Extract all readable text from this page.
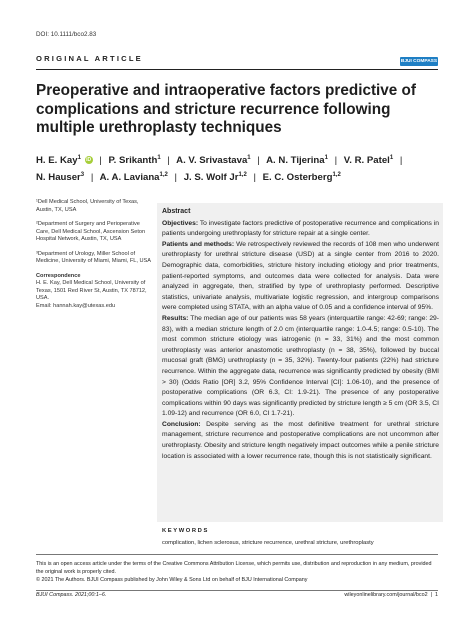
DOI: 10.1111/bco2.83
ORIGINAL ARTICLE	BJUI COMPASS
Preoperative and intraoperative factors predictive of complications and stricture recurrence following multiple urethroplasty techniques
H. E. Kay$^1$ iD | P. Srikanth$^1$ | A. V. Srivastava$^1$ | A. N. Tijerina$^1$ | V. R. Patel$^1$ |
N. Hauser$^3$ | A. A. Laviana$^{1,2}$ | J. S. Wolf Jr$^{1,2}$ | E. C. Osterberg$^{1,2}$

¹Dell Medical School, University of Texas, Austin, TX, USA

²Department of Surgery and Perioperative Care, Dell Medical School, Ascension Seton Hospital Network, Austin, TX, USA

³Department of Urology, Miller School of Medicine, University of Miami, Miami, FL, USA

Correspondence

H. E. Kay, Dell Medical School, University of Texas, 1501 Red River St, Austin, TX 78712, USA.

Email: hannah.kay@utexas.edu

Abstract

Objectives: To investigate factors predictive of postoperative recurrence and complications in patients undergoing urethroplasty for stricture repair at a single center.

Patients and methods: We retrospectively reviewed the records of 108 men who underwent urethroplasty for urethral stricture disease (USD) at a single center from 2016 to 2020. Demographic data, comorbidities, stricture history including etiology and prior treatments, patient-reported symptoms, and outcomes data were collected for analysis. Data were analyzed in aggregate, then, stratified by type of urethroplasty performed. Descriptive statistics, univariate analysis, multivariate logistic regression, and intergroup comparisons were completed using STATA, with an alpha value of 0.05 and a confidence interval of 95%.

Results: The median age of our patients was 58 years (interquartile range: 42-69; range: 29-83), with a median stricture length of 2.0 cm (interquartile range: 1.0-4.5; range: 0.5-10). The most common stricture etiology was iatrogenic (n = 33, 31%) and the most common urethroplasty was anterior anastomotic urethroplasty (n = 38, 35%), followed by buccal mucosal graft (BMG) urethroplasty (n = 35, 32%). Twenty-four patients (22%) had stricture recurrence. Within the aggregate data, recurrence was significantly predicted by obesity (BMI > 30) (Odds Ratio [OR] 3.2, 95% Confidence Interval [CI]: 1.06-10), and the presence of postoperative complications (OR 6.3, CI: 1.9-21). The presence of any postoperative complications within 90 days was significantly predicted by stricture length ≥ 5 cm (OR 3.5, CI 1.09-12) and recurrence (OR 6.0, CI 1.7-21).

Conclusion: Despite serving as the most definitive treatment for urethral stricture management, stricture recurrence and postoperative complications are not uncommon after urethroplasty. Obesity and stricture length negatively impact outcomes while a penile stricture location is associated with a lower recurrence rate, though this is not statistically significant.

KEYWORDS
complication, lichen sclerosus, stricture recurrence, urethral stricture, urethroplasty
This is an open access article under the terms of the Creative Commons Attribution License, which permits use, distribution and reproduction in any medium, provided the original work is properly cited.
© 2021 The Authors. BJUI Compass published by John Wiley & Sons Ltd on behalf of BJU International Company
BJUI Compass. 2021;00:1–6.	wileyonlinelibrary.com/journal/bco2 | 1
